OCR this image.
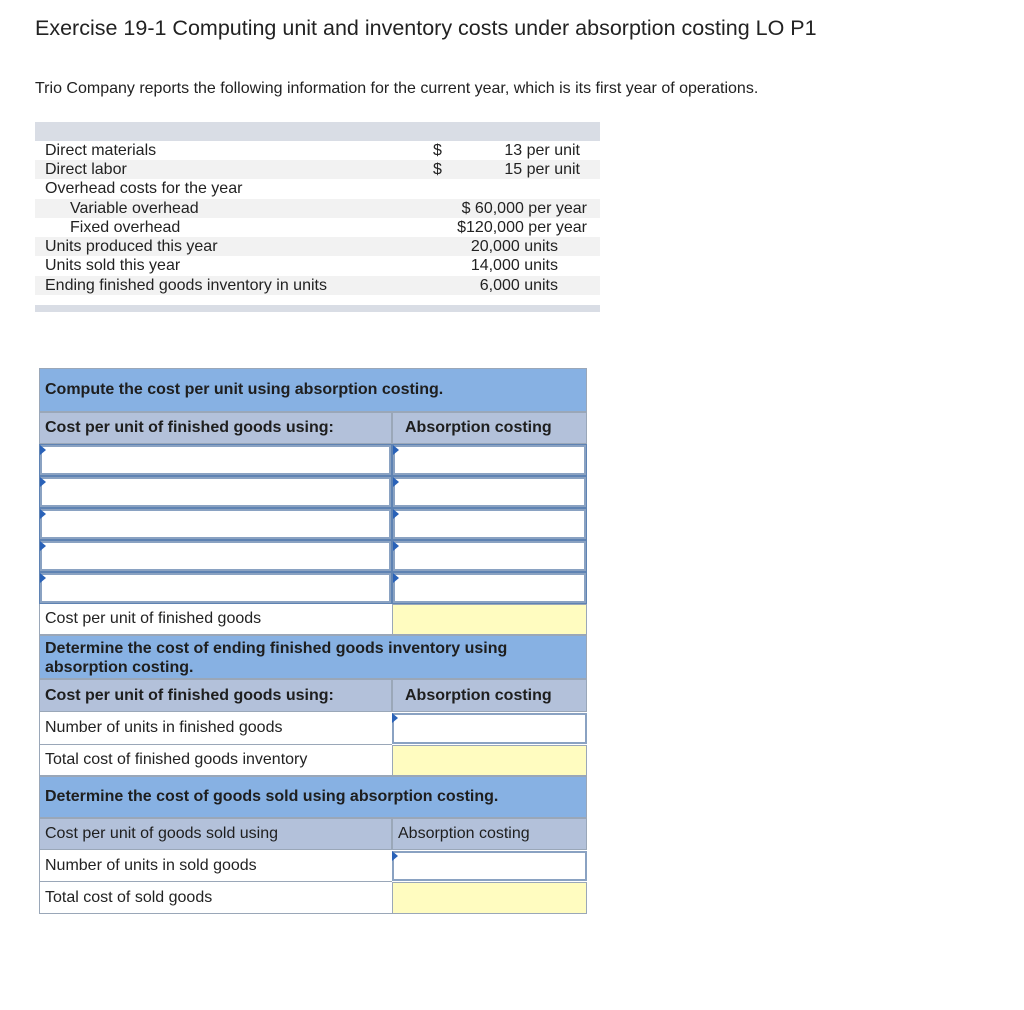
Exercise 19-1 Computing unit and inventory costs under absorption costing LO P1
Trio Company reports the following information for the current year, which is its first year of operations.
Direct materials	$	13 per unit
Direct labor	$	15 per unit
Overhead costs for the year
Variable overhead	$ 60,000 per year
Fixed overhead	$120,000 per year
Units produced this year	20,000 units
Units sold this year	14,000 units
Ending finished goods inventory in units	6,000 units
Compute the cost per unit using absorption costing.
Cost per unit of finished goods using:	Absorption costing
Cost per unit of finished goods
Determine the cost of ending finished goods inventory using absorption costing.
Cost per unit of finished goods using:	Absorption costing
Number of units in finished goods
Total cost of finished goods inventory
Determine the cost of goods sold using absorption costing.
Cost per unit of goods sold using	Absorption costing
Number of units in sold goods
Total cost of sold goods
